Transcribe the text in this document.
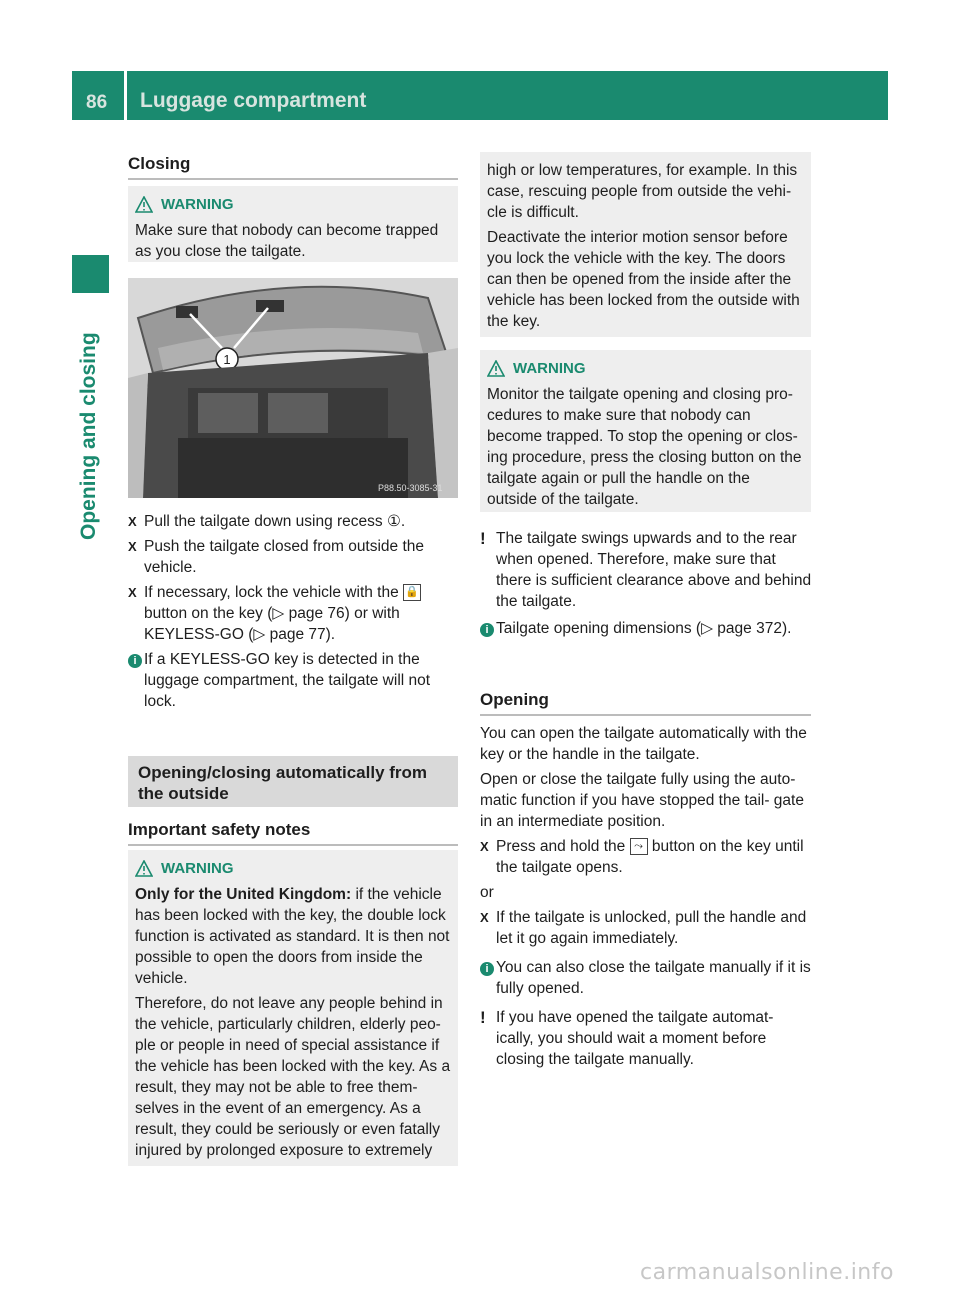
86 Luggage compartment
Opening and closing
Closing
WARNING

Make sure that nobody can become trapped as you close the tailgate.

1
P88.50-3085-31
X Pull the tailgate down using recess ①.
X Push the tailgate closed from outside the vehicle.
X If necessary, lock the vehicle with the 🔒 button on the key (▷ page 76) or with KEYLESS-GO (▷ page 77).
i If a KEYLESS-GO key is detected in the luggage compartment, the tailgate will not lock.
Opening/closing automatically from the outside
Important safety notes
WARNING

Only for the United Kingdom: if the vehicle has been locked with the key, the double lock function is activated as standard. It is then not possible to open the doors from inside the vehicle.

Therefore, do not leave any people behind in the vehicle, particularly children, elderly peo- ple or people in need of special assistance if the vehicle has been locked with the key. As a result, they may not be able to free them- selves in the event of an emergency. As a result, they could be seriously or even fatally injured by prolonged exposure to extremely

high or low temperatures, for example. In this case, rescuing people from outside the vehi- cle is difficult.

Deactivate the interior motion sensor before you lock the vehicle with the key. The doors can then be opened from the inside after the vehicle has been locked from the outside with the key.

WARNING

Monitor the tailgate opening and closing pro- cedures to make sure that nobody can become trapped. To stop the opening or clos- ing procedure, press the closing button on the tailgate again or pull the handle on the outside of the tailgate.

! The tailgate swings upwards and to the rear when opened. Therefore, make sure that there is sufficient clearance above and behind the tailgate.
i Tailgate opening dimensions (▷ page 372).
Opening

You can open the tailgate automatically with the key or the handle in the tailgate.

Open or close the tailgate fully using the auto- matic function if you have stopped the tail- gate in an intermediate position.

X Press and hold the ⤳ button on the key until the tailgate opens.

or

X If the tailgate is unlocked, pull the handle and let it go again immediately.
i You can also close the tailgate manually if it is fully opened.
! If you have opened the tailgate automat- ically, you should wait a moment before closing the tailgate manually.
carmanualsonline.info
